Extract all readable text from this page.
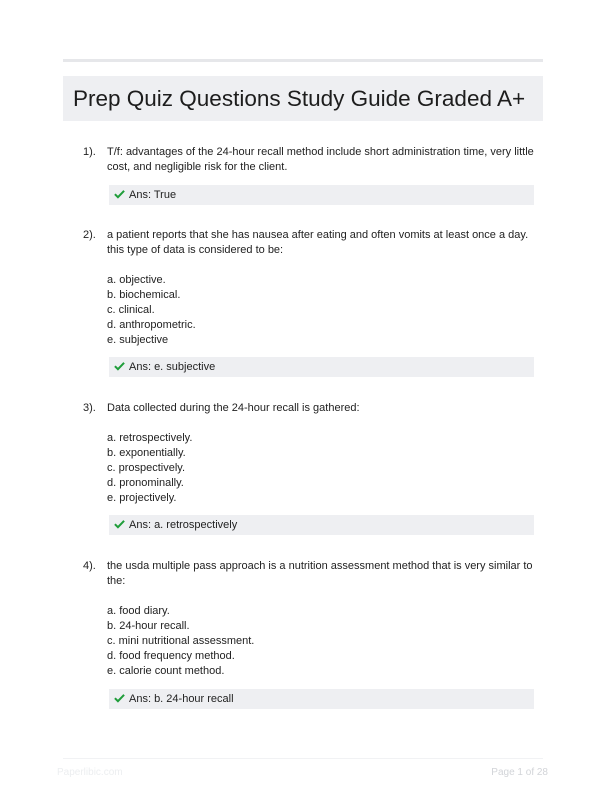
Prep Quiz Questions Study Guide Graded A+
1). T/f: advantages of the 24-hour recall method include short administration time, very little cost, and negligible risk for the client.
Ans: True
2). a patient reports that she has nausea after eating and often vomits at least once a day. this type of data is considered to be:
a. objective.
b. biochemical.
c. clinical.
d. anthropometric.
e. subjective
Ans: e. subjective
3). Data collected during the 24-hour recall is gathered:
a. retrospectively.
b. exponentially.
c. prospectively.
d. pronominally.
e. projectively.
Ans: a. retrospectively
4). the usda multiple pass approach is a nutrition assessment method that is very similar to the:
a. food diary.
b. 24-hour recall.
c. mini nutritional assessment.
d. food frequency method.
e. calorie count method.
Ans: b. 24-hour recall
Paperlibic.com	Page 1 of 28
